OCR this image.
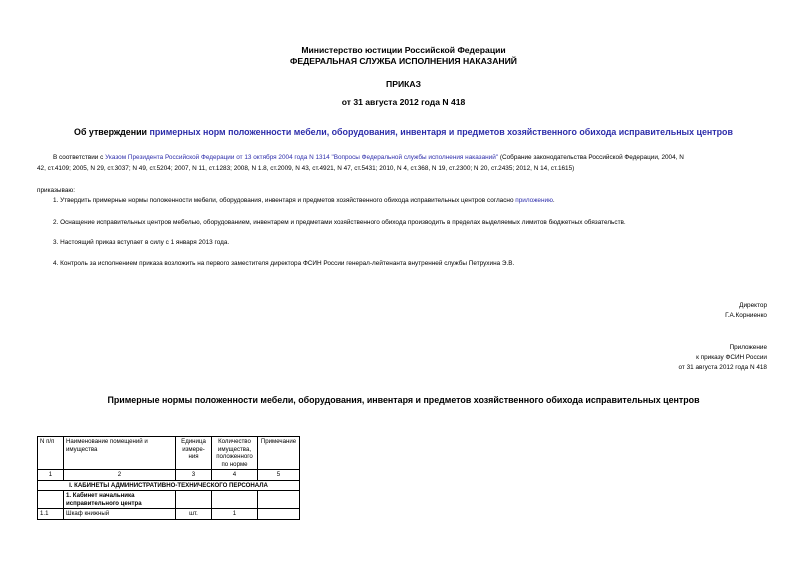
Министерство юстиции Российской Федерации
ФЕДЕРАЛЬНАЯ СЛУЖБА ИСПОЛНЕНИЯ НАКАЗАНИЙ
ПРИКАЗ
от 31 августа 2012 года N 418
Об утверждении примерных норм положенности мебели, оборудования, инвентаря и предметов хозяйственного обихода исправительных центров
В соответствии с Указом Президента Российской Федерации от 13 октября 2004 года N 1314 "Вопросы Федеральной службы исполнения наказаний" (Собрание законодательства Российской Федерации, 2004, N
42, ст.4109; 2005, N 29, ст.3037; N 49, ст.5204; 2007, N 11, ст.1283; 2008, N 1.8, ст.2009, N 43, ст.4921, N 47, ст.5431; 2010, N 4, ст.368, N 19, ст.2300; N 20, ст.2435; 2012, N 14, ст.1615)
приказываю:
1. Утвердить примерные нормы положенности мебели, оборудования, инвентаря и предметов хозяйственного обихода исправительных центров согласно приложению.
2. Оснащение исправительных центров мебелью, оборудованием, инвентарем и предметами хозяйственного обихода производить в пределах выделяемых лимитов бюджетных обязательств.
3. Настоящий приказ вступает в силу с 1 января 2013 года.
4. Контроль за исполнением приказа возложить на первого заместителя директора ФСИН России генерал-лейтенанта внутренней службы Петрухина Э.В.
Директор
Г.А.Корниенко
Приложение
к приказу ФСИН России
от 31 августа 2012 года N 418
Примерные нормы положенности мебели, оборудования, инвентаря и предметов хозяйственного обихода исправительных центров
N п/п	Наименование помещений и имущества	Единица измере-ния	Количество имущества, положенного по норме	Примечание
1	2	3	4	5
I. КАБИНЕТЫ АДМИНИСТРАТИВНО-ТЕХНИЧЕСКОГО ПЕРСОНАЛА				
	1. Кабинет начальника исправительного центра			
1.1	Шкаф книжный	шт.	1	
